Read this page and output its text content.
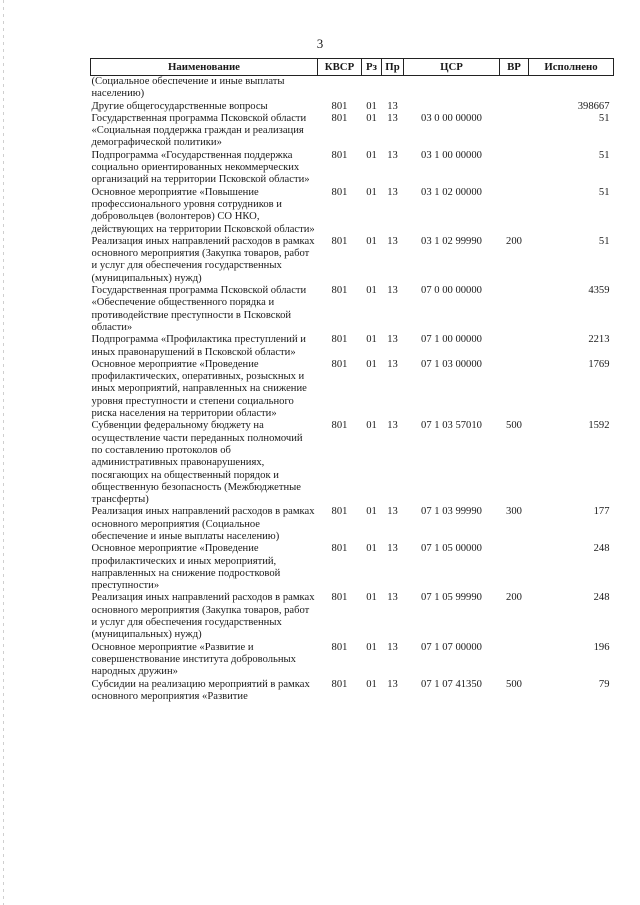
3
Наименование	КВСР	Рз	Пр	ЦСР	ВР	Исполнено
(Социальное обеспечение и иные выплаты населению)						
Другие общегосударственные вопросы	801	01	13			398667
Государственная программа Псковской области «Социальная поддержка граждан и реализация демографической политики»	801	01	13	03 0 00 00000		51
Подпрограмма «Государственная поддержка социально ориентированных некоммерческих организаций на территории Псковской области»	801	01	13	03 1 00 00000		51
Основное мероприятие «Повышение профессионального уровня сотрудников и добровольцев (волонтеров) СО НКО, действующих на территории Псковской области»	801	01	13	03 1 02 00000		51
Реализация иных направлений расходов в рамках основного мероприятия (Закупка товаров, работ и услуг для обеспечения государственных (муниципальных) нужд)	801	01	13	03 1 02 99990	200	51
Государственная программа Псковской области «Обеспечение общественного порядка и противодействие преступности в Псковской области»	801	01	13	07 0 00 00000		4359
Подпрограмма «Профилактика преступлений и иных правонарушений в Псковской области»	801	01	13	07 1 00 00000		2213
Основное мероприятие «Проведение профилактических, оперативных, розыскных и иных мероприятий, направленных на снижение уровня преступности и степени социального риска населения на территории области»	801	01	13	07 1 03 00000		1769
Субвенции федеральному бюджету на осуществление части переданных полномочий по составлению протоколов об административных правонарушениях, посягающих на общественный порядок и общественную безопасность (Межбюджетные трансферты)	801	01	13	07 1 03 57010	500	1592
Реализация иных направлений расходов в рамках основного мероприятия (Социальное обеспечение и иные выплаты населению)	801	01	13	07 1 03 99990	300	177
Основное мероприятие «Проведение профилактических и иных мероприятий, направленных на снижение подростковой преступности»	801	01	13	07 1 05 00000		248
Реализация иных направлений расходов в рамках основного мероприятия (Закупка товаров, работ и услуг для обеспечения государственных (муниципальных) нужд)	801	01	13	07 1 05 99990	200	248
Основное мероприятие «Развитие и совершенствование института добровольных народных дружин»	801	01	13	07 1 07 00000		196
Субсидии на реализацию мероприятий в рамках основного мероприятия «Развитие	801	01	13	07 1 07 41350	500	79
